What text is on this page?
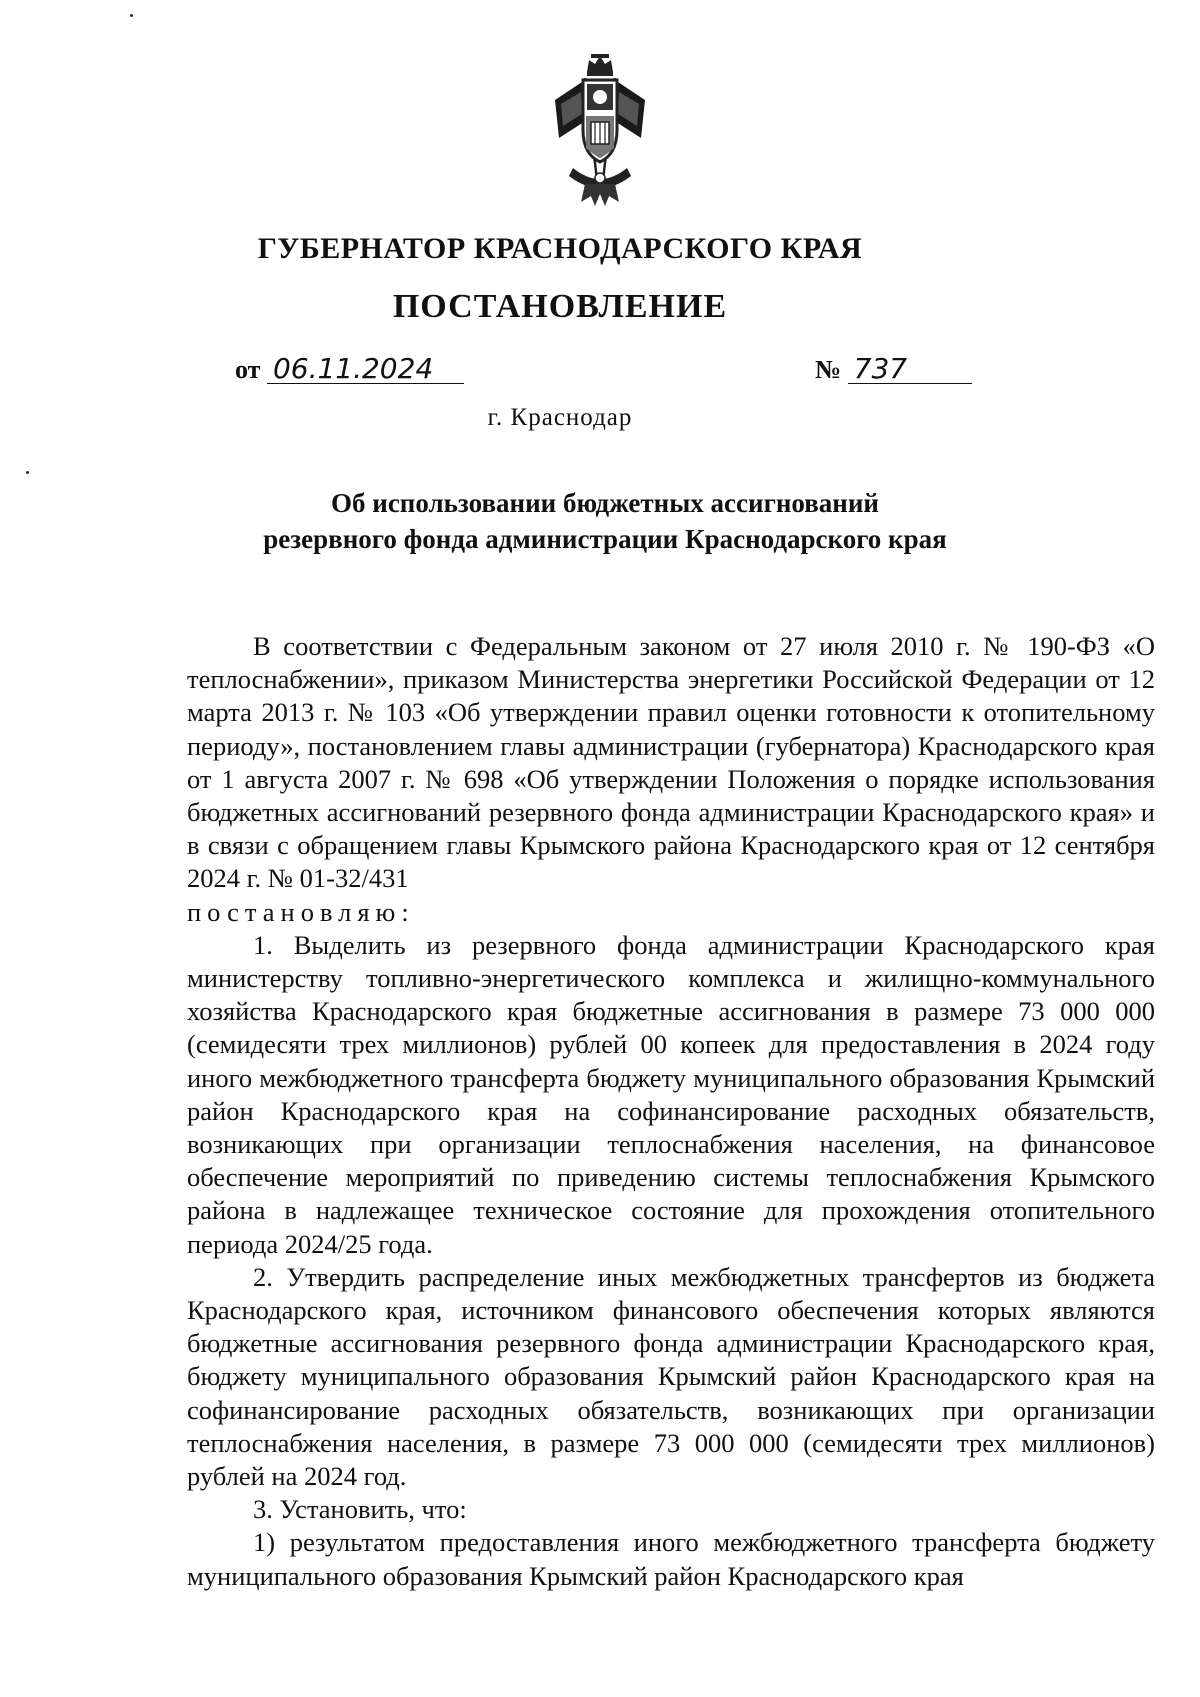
ГУБЕРНАТОР КРАСНОДАРСКОГО КРАЯ
ПОСТАНОВЛЕНИЕ
от 06.11.2024	№ 737
г. Краснодар
Об использовании бюджетных ассигнований
резервного фонда администрации Краснодарского края

В соответствии с Федеральным законом от 27 июля 2010 г. № 190-ФЗ «О теплоснабжении», приказом Министерства энергетики Российской Федерации от 12 марта 2013 г. № 103 «Об утверждении правил оценки готовности к отопительному периоду», постановлением главы администрации (губернатора) Краснодарского края от 1 августа 2007 г. № 698 «Об утверждении Положения о порядке использования бюджетных ассигнований резервного фонда администрации Краснодарского края» и в связи с обращением главы Крымского района Краснодарского края от 12 сентября 2024 г. № 01-32/431

постановляю:

1. Выделить из резервного фонда администрации Краснодарского края министерству топливно-энергетического комплекса и жилищно-коммунального хозяйства Краснодарского края бюджетные ассигнования в размере 73 000 000 (семидесяти трех миллионов) рублей 00 копеек для предоставления в 2024 году иного межбюджетного трансферта бюджету муниципального образования Крымский район Краснодарского края на софинансирование расходных обязательств, возникающих при организации теплоснабжения населения, на финансовое обеспечение мероприятий по приведению системы теплоснабжения Крымского района в надлежащее техническое состояние для прохождения отопительного периода 2024/25 года.

2. Утвердить распределение иных межбюджетных трансфертов из бюджета Краснодарского края, источником финансового обеспечения которых являются бюджетные ассигнования резервного фонда администрации Краснодарского края, бюджету муниципального образования Крымский район Краснодарского края на софинансирование расходных обязательств, возникающих при организации теплоснабжения населения, в размере 73 000 000 (семидесяти трех миллионов) рублей на 2024 год.

3. Установить, что:

1) результатом предоставления иного межбюджетного трансферта бюджету муниципального образования Крымский район Краснодарского края
